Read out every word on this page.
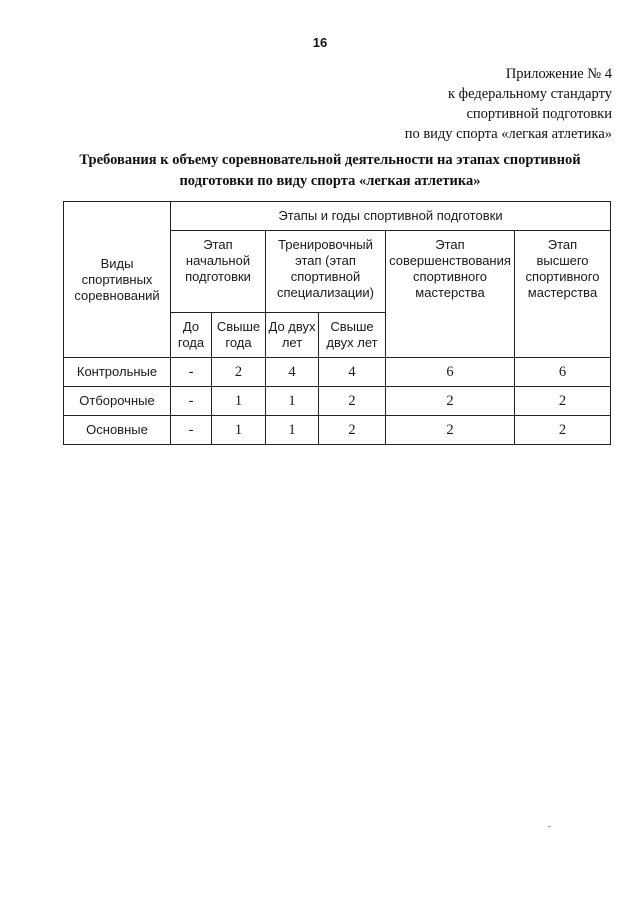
16
Приложение № 4
к федеральному стандарту
спортивной подготовки
по виду спорта «легкая атлетика»
Требования к объему соревновательной деятельности на этапах спортивной
подготовки по виду спорта «легкая атлетика»
Виды спортивных соревнований	Этапы и годы спортивной подготовки					
	Этап начальной подготовки		Тренировочный этап (этап спортивной специализации)		Этап совершенствования спортивного мастерства	Этап высшего спортивного мастерства
	До года	Свыше года	До двух лет	Свыше двух лет		
Контрольные	-	2	4	4	6	6
Отборочные	-	1	1	2	2	2
Основные	-	1	1	2	2	2
